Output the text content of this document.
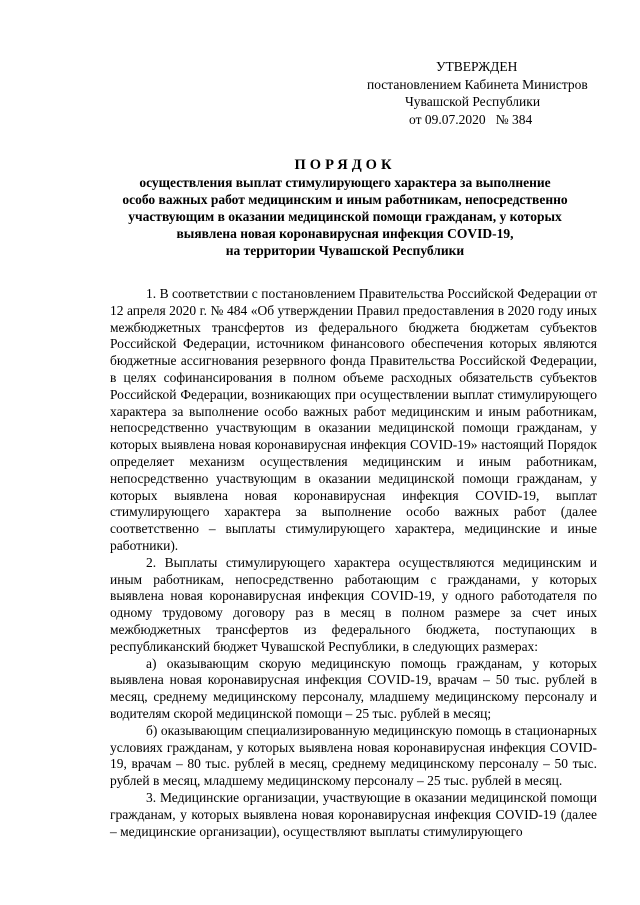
УТВЕРЖДЕН
постановлением Кабинета Министров
Чувашской Республики
от 09.07.2020   № 384
ПОРЯДОК
осуществления выплат стимулирующего характера за выполнение
особо важных работ медицинским и иным работникам, непосредственно
участвующим в оказании медицинской помощи гражданам, у которых
выявлена новая коронавирусная инфекция COVID-19,
на территории Чувашской Республики

1. В соответствии с постановлением Правительства Российской Федерации от 12 апреля 2020 г. № 484 «Об утверждении Правил предоставления в 2020 году иных межбюджетных трансфертов из федерального бюджета бюджетам субъектов Российской Федерации, источником финансового обеспечения которых являются бюджетные ассигнования резервного фонда Правительства Российской Федерации, в целях софинансирования в полном объеме расходных обязательств субъектов Российской Федерации, возникающих при осуществлении выплат стимулирующего характера за выполнение особо важных работ медицинским и иным работникам, непосредственно участвующим в оказании медицинской помощи гражданам, у которых выявлена новая коронавирусная инфекция COVID-19» настоящий Порядок определяет механизм осуществления медицинским и иным работникам, непосредственно участвующим в оказании медицинской помощи гражданам, у которых выявлена новая коронавирусная инфекция COVID-19, выплат стимулирующего характера за выполнение особо важных работ (далее соответственно – выплаты стимулирующего характера, медицинские и иные работники).

2. Выплаты стимулирующего характера осуществляются медицинским и иным работникам, непосредственно работающим с гражданами, у которых выявлена новая коронавирусная инфекция COVID-19, у одного работодателя по одному трудовому договору раз в месяц в полном размере за счет иных межбюджетных трансфертов из федерального бюджета, поступающих в республиканский бюджет Чувашской Республики, в следующих размерах:

а) оказывающим скорую медицинскую помощь гражданам, у которых выявлена новая коронавирусная инфекция COVID-19, врачам – 50 тыс. рублей в месяц, среднему медицинскому персоналу, младшему медицинскому персоналу и водителям скорой медицинской помощи – 25 тыс. рублей в месяц;

б) оказывающим специализированную медицинскую помощь в стационарных условиях гражданам, у которых выявлена новая коронавирусная инфекция COVID-19, врачам – 80 тыс. рублей в месяц, среднему медицинскому персоналу – 50 тыс. рублей в месяц, младшему медицинскому персоналу – 25 тыс. рублей в месяц.

3. Медицинские организации, участвующие в оказании медицинской помощи гражданам, у которых выявлена новая коронавирусная инфекция COVID-19 (далее – медицинские организации), осуществляют выплаты стимулирующего
